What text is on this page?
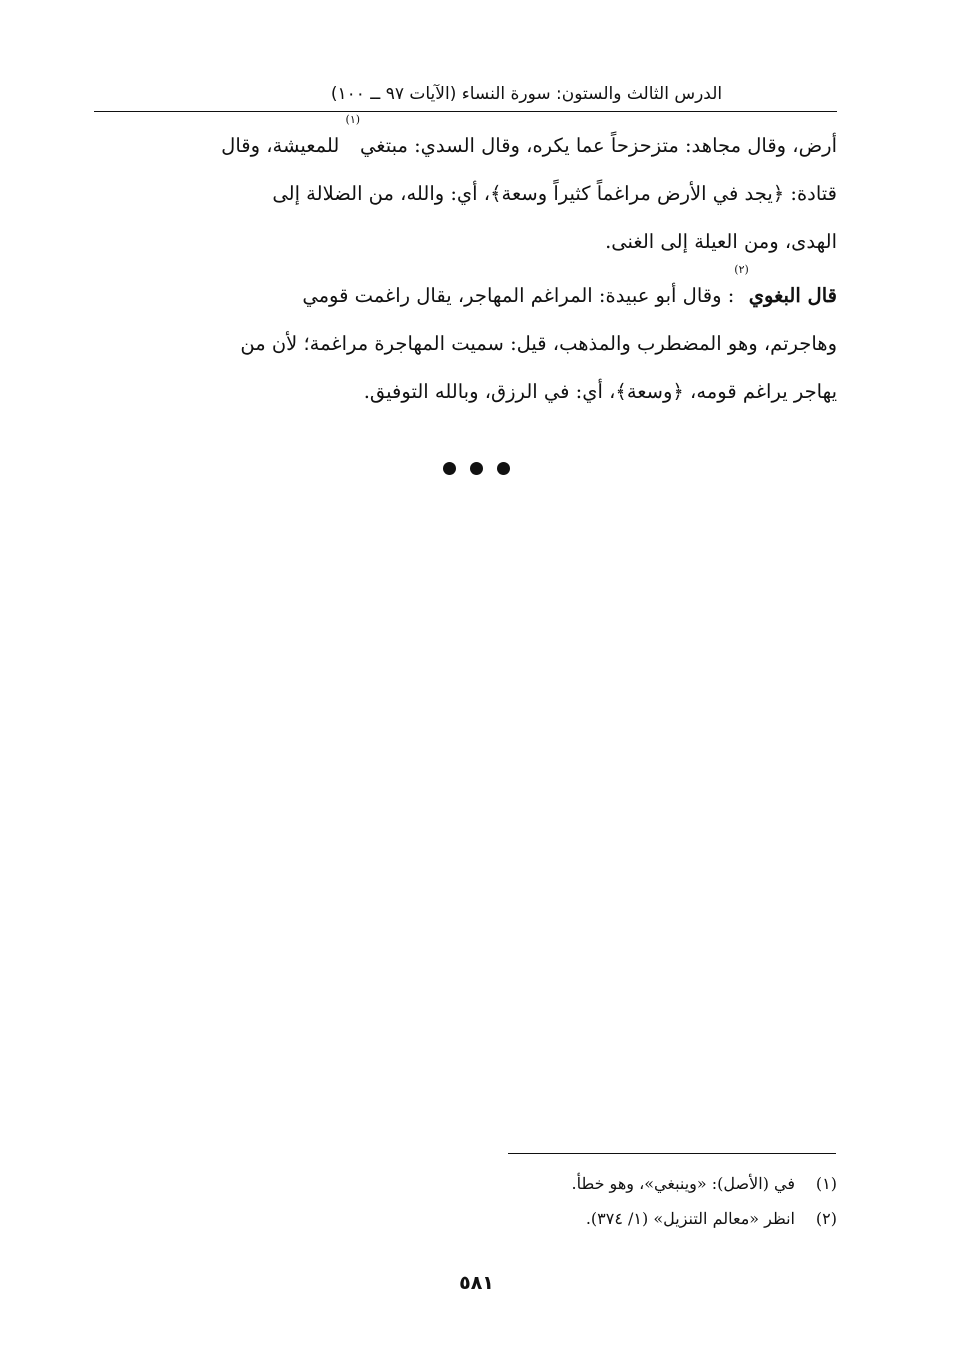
الدرس الثالث والستون: سورة النساء (الآيات ٩٧ ــ ١٠٠)

أرض، وقال مجاهد: متزحزحاً عما يكره، وقال السدي: مبتغي$^{(١)}$ للمعيشة، وقال
قتادة: ﴿يجد في الأرض مراغماً كثيراً وسعة﴾، أي: والله، من الضلالة إلى
الهدى، ومن العيلة إلى الغنى.

قال البغوي$^{(٢)}$: وقال أبو عبيدة: المراغم المهاجر، يقال راغمت قومي
وهاجرتم، وهو المضطرب والمذهب، قيل: سميت المهاجرة مراغمة؛ لأن من
يهاجر يراغم قومه، ﴿وسعة﴾، أي: في الرزق، وبالله التوفيق.

(١)في (الأصل): «وينبغي»، وهو خطأ.
(٢)انظر «معالم التنزيل» (١/ ٣٧٤).
٥٨١
